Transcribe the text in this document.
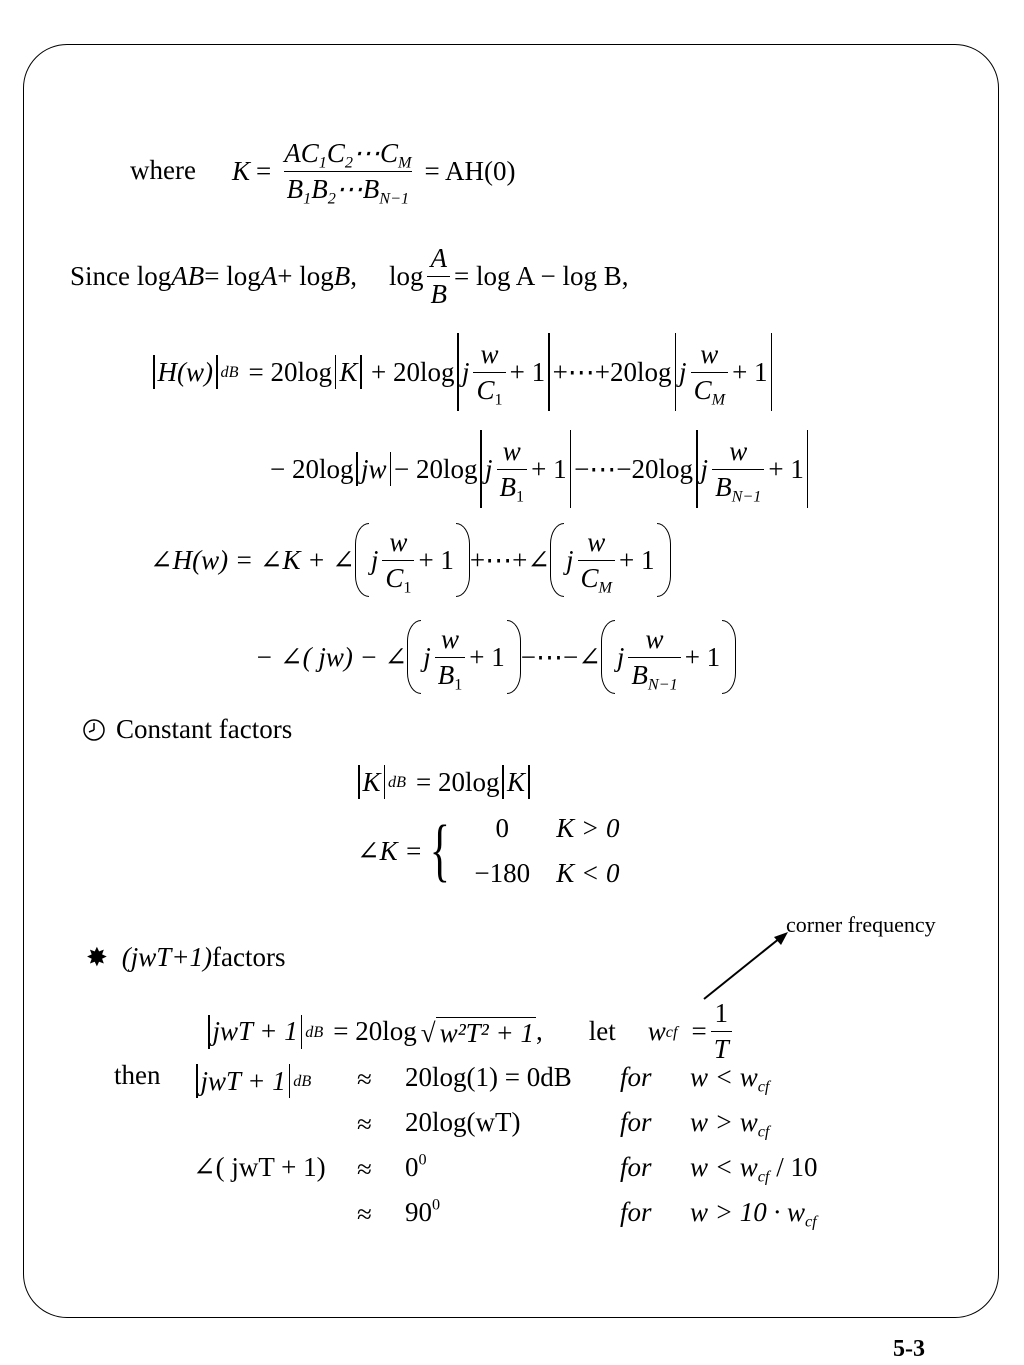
where $K = \frac{AC_1C_2\cdots C_M}{B_1B_2\cdots B_{N-1}} = AH(0)$
Since log AB = log A + log B , $\log \frac{A}{B} = \log A - \log B$,
H(w) dB = 20log K + 20log j $\frac{w}{C_1} + 1$ +⋯+20log j $\frac{w}{C_M} + 1$
− 20log jw − 20log j $\frac{w}{B_1} + 1$ −⋯−20log j $\frac{w}{B_{N-1}} + 1$
∠H(w) = ∠K + ∠ j $\frac{w}{C_1} + 1$ +⋯+∠ j $\frac{w}{C_M} + 1$
− ∠( jw) − ∠ j $\frac{w}{B_1} + 1$ −⋯−∠ j $\frac{w}{B_{N-1}} + 1$
Constant factors
K dB = 20log K
∠K = {	0	K > 0
−180 K < 0
corner frequency
✸ (jwT+1) factors
jwT + 1 dB = 20log √ w²T² + 1 , let w cf = $\frac{1}{T}$
then jwT + 1 dB
∠( jwT + 1)
≈
≈
≈
≈
20log(1) = 0dB
20log(wT)
$0^0$
$90^0$
for
for
for
for
$w < w_{cf}$
$w > w_{cf}$
$w < w_{cf} / 10$
$w > 10 \cdot w_{cf}$
5-3
